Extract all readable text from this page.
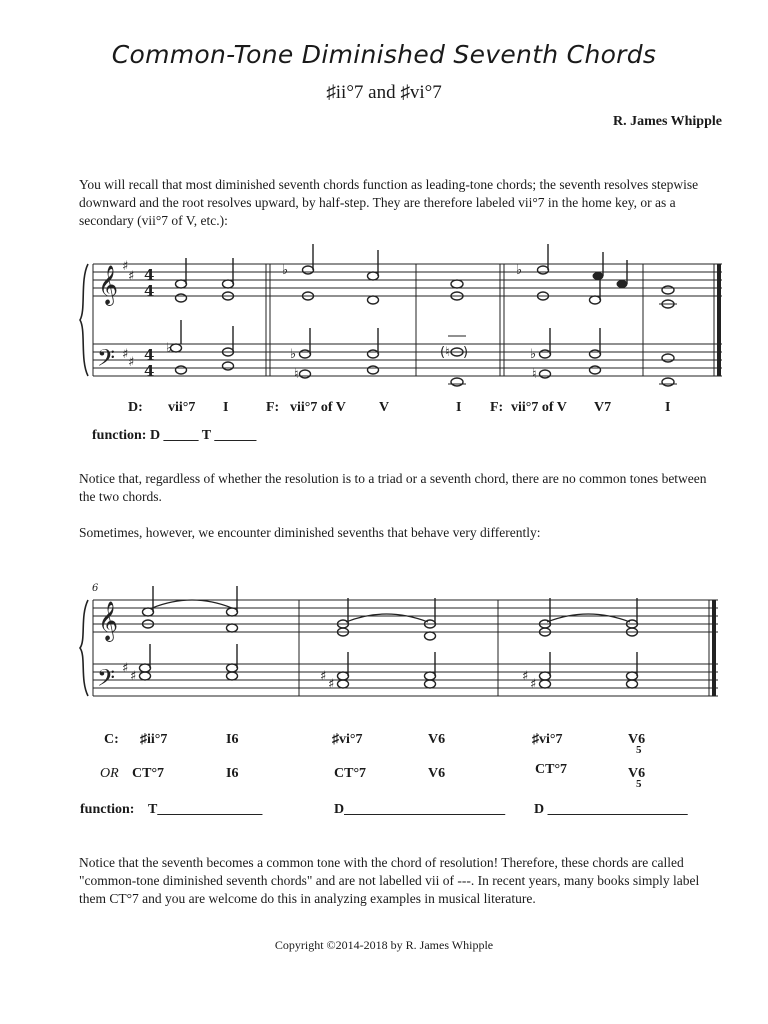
Common-Tone Diminished Seventh Chords
♯ii°7 and ♯vi°7
R. James Whipple
You will recall that most diminished seventh chords function as leading-tone chords; the seventh resolves stepwise downward and the root resolves upward, by half-step. They are therefore labeled vii°7 in the home key, or as a secondary (vii°7 of V, etc.):
𝄞
𝄢
♯
♯
♯
♯
4
4
4
4
♭	♭
♮
♭
(♮ )
♭
♭
♮
D: vii°7 I	F: vii°7 of V V	I F: vii°7 of V V7	I
function: D _____ T ______
Notice that, regardless of whether the resolution is to a triad or a seventh chord, there are no common tones between the two chords.
Sometimes, however, we encounter diminished sevenths that behave very differently:
6
𝄞
𝄢 ♯
♯	♯
♯
♯
♯
C: ♯ii°7	I6	♯vi°7	V6	♯vi°7	V6
5
OR CT°7	I6	CT°7	V6	CT°7	V6
5
function: T_______________	D_______________________ D ____________________
Notice that the seventh becomes a common tone with the chord of resolution! Therefore, these chords are called "common-tone diminished seventh chords" and are not labelled vii of ---. In recent years, many books simply label them CT°7 and you are welcome do this in analyzing examples in musical literature.
Copyright ©2014-2018 by R. James Whipple
